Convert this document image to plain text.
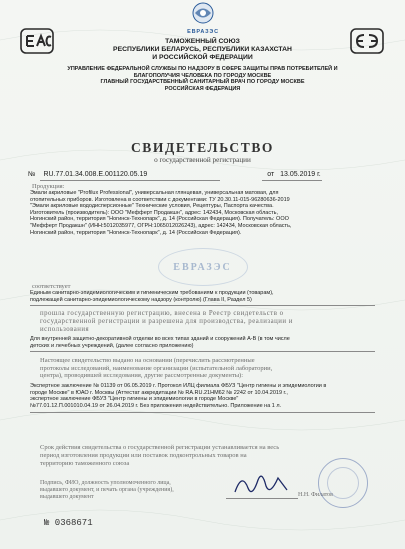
ЕВРАЗЭС
ТАМОЖЕННЫЙ СОЮЗ
РЕСПУБЛИКИ БЕЛАРУСЬ, РЕСПУБЛИКИ КАЗАХСТАН
И РОССИЙСКОЙ ФЕДЕРАЦИИ
УПРАВЛЕНИЕ ФЕДЕРАЛЬНОЙ СЛУЖБЫ ПО НАДЗОРУ В СФЕРЕ ЗАЩИТЫ ПРАВ ПОТРЕБИТЕЛЕЙ И
БЛАГОПОЛУЧИЯ ЧЕЛОВЕКА ПО ГОРОДУ МОСКВЕ
ГЛАВНЫЙ ГОСУДАРСТВЕННЫЙ САНИТАРНЫЙ ВРАЧ ПО ГОРОДУ МОСКВЕ
РОССИЙСКАЯ ФЕДЕРАЦИЯ
СВИДЕТЕЛЬСТВО
о государственной регистрации
№ RU.77.01.34.008.Е.001120.05.19	от 13.05.2019 г.
Продукция:
Эмали акриловые "Profilux Professional", универсальная глянцевая, универсальная матовая, для
отопительных приборов. Изготовлена в соответствии с документами: ТУ 20.30.11-015-96280636-2019
"Эмали акриловые вододисперсионные" Технические условия, Рецептуры, Паспорта качества.
Изготовитель (производитель): ООО "Мефферт Продакшн", адрес: 142434, Московская область,
Ногинский район, территория "Ногинск-Технопарк", д. 14 (Российская Федерация). Получатель: ООО
"Мефферт Продакшн" (ИНН:5012035977, ОГРН:1065012026243), адрес: 142434, Московская область,
Ногинский район, территория "Ногинск-Технопарк", д. 14 (Российская Федерация).
ЕВРАЗЭС
соответствует
Единым санитарно-эпидемиологическим и гигиеническим требованиям к продукции (товарам),
подлежащей санитарно-эпидемиологическому надзору (контролю) (Глава II, Раздел 5)
прошла государственную регистрацию, внесена в Реестр свидетельств о
государственной регистрации и разрешена для производства, реализации и
использования
Для внутренней защитно-декоративной отделки во всех типах зданий и сооружений А-В (в том числе
детских и лечебных учреждений, (далее согласно приложению)
Настоящее свидетельство выдано на основании (перечислить рассмотренные
протоколы исследований, наименование организации (испытательной лаборатории,
центра), проводившей исследования, другие рассмотренные документы):
Экспертное заключение № 01139 от 06.05.2019 г. Протокол ИЛЦ филиала ФБУЗ "Центр гигиены и эпидемиологии в
городе Москве" в ЮАО г. Москвы (Аттестат аккредитации № RA.RU.21HM62 № 2242 от 10.04.2019 г.,
экспертное заключение ФБУЗ "Центр гигиены и эпидемиологии в городе Москве"
№77.01.12.П.001010.04.19 от 26.04.2019 г. Без приложения недействительно. Приложение на 1 л.
Срок действия свидетельства о государственной регистрации устанавливается на весь
период изготовления продукции или поставок подконтрольных товаров на
территорию таможенного союза
Подпись, ФИО, должность уполномоченного лица,
выдавшего документ, и печать органа (учреждения),
выдавшего документ	Н.Н. Филатов
№ 0368671
